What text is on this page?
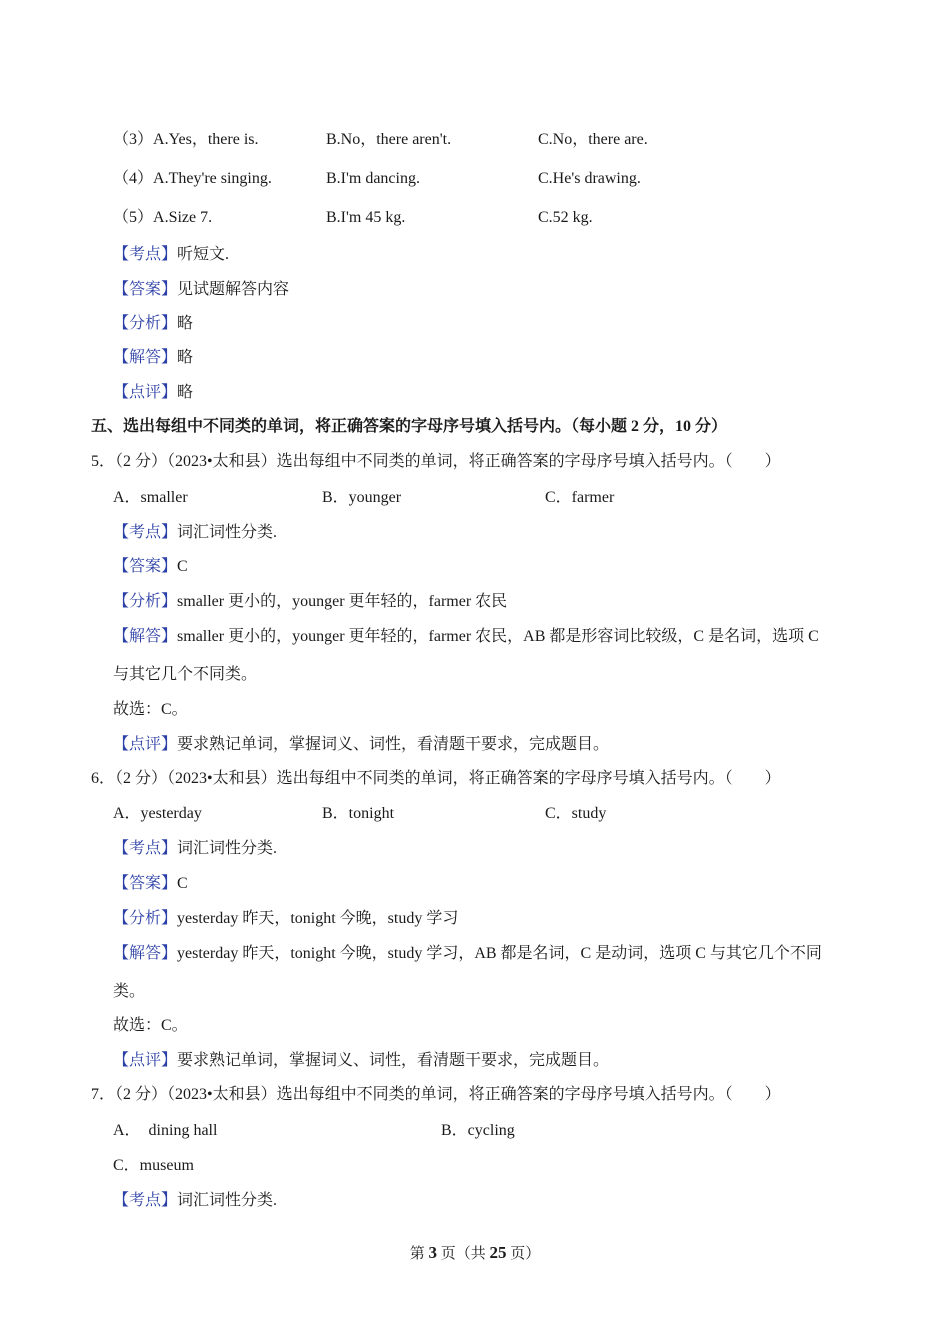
（3）A.Yes，there is.	B.No，there aren't.	C.No，there are.
（4）A.They're singing.	B.I'm dancing.	C.He's drawing.
（5）A.Size 7.	B.I'm 45 kg.	C.52 kg.
【考点】听短文.
【答案】见试题解答内容
【分析】略
【解答】略
【点评】略
五、选出每组中不同类的单词，将正确答案的字母序号填入括号内。（每小题 2 分，10 分）
5．（2 分）（2023•太和县）选出每组中不同类的单词，将正确答案的字母序号填入括号内。（　　）
A．smaller	B．younger	C．farmer
【考点】词汇词性分类.
【答案】C
【分析】smaller 更小的，younger 更年轻的，farmer 农民
【解答】smaller 更小的，younger 更年轻的，farmer 农民，AB 都是形容词比较级，C 是名词，选项 C
与其它几个不同类。
故选：C。
【点评】要求熟记单词，掌握词义、词性，看清题干要求，完成题目。
6．（2 分）（2023•太和县）选出每组中不同类的单词，将正确答案的字母序号填入括号内。（　　）
A．yesterday	B．tonight	C．study
【考点】词汇词性分类.
【答案】C
【分析】yesterday 昨天，tonight 今晚，study 学习
【解答】yesterday 昨天，tonight 今晚，study 学习，AB 都是名词，C 是动词，选项 C 与其它几个不同
类。
故选：C。
【点评】要求熟记单词，掌握词义、词性，看清题干要求，完成题目。
7．（2 分）（2023•太和县）选出每组中不同类的单词，将正确答案的字母序号填入括号内。（　　）
A．　dining hall	B．cycling
C．museum
【考点】词汇词性分类.
第 3 页（共 25 页）
